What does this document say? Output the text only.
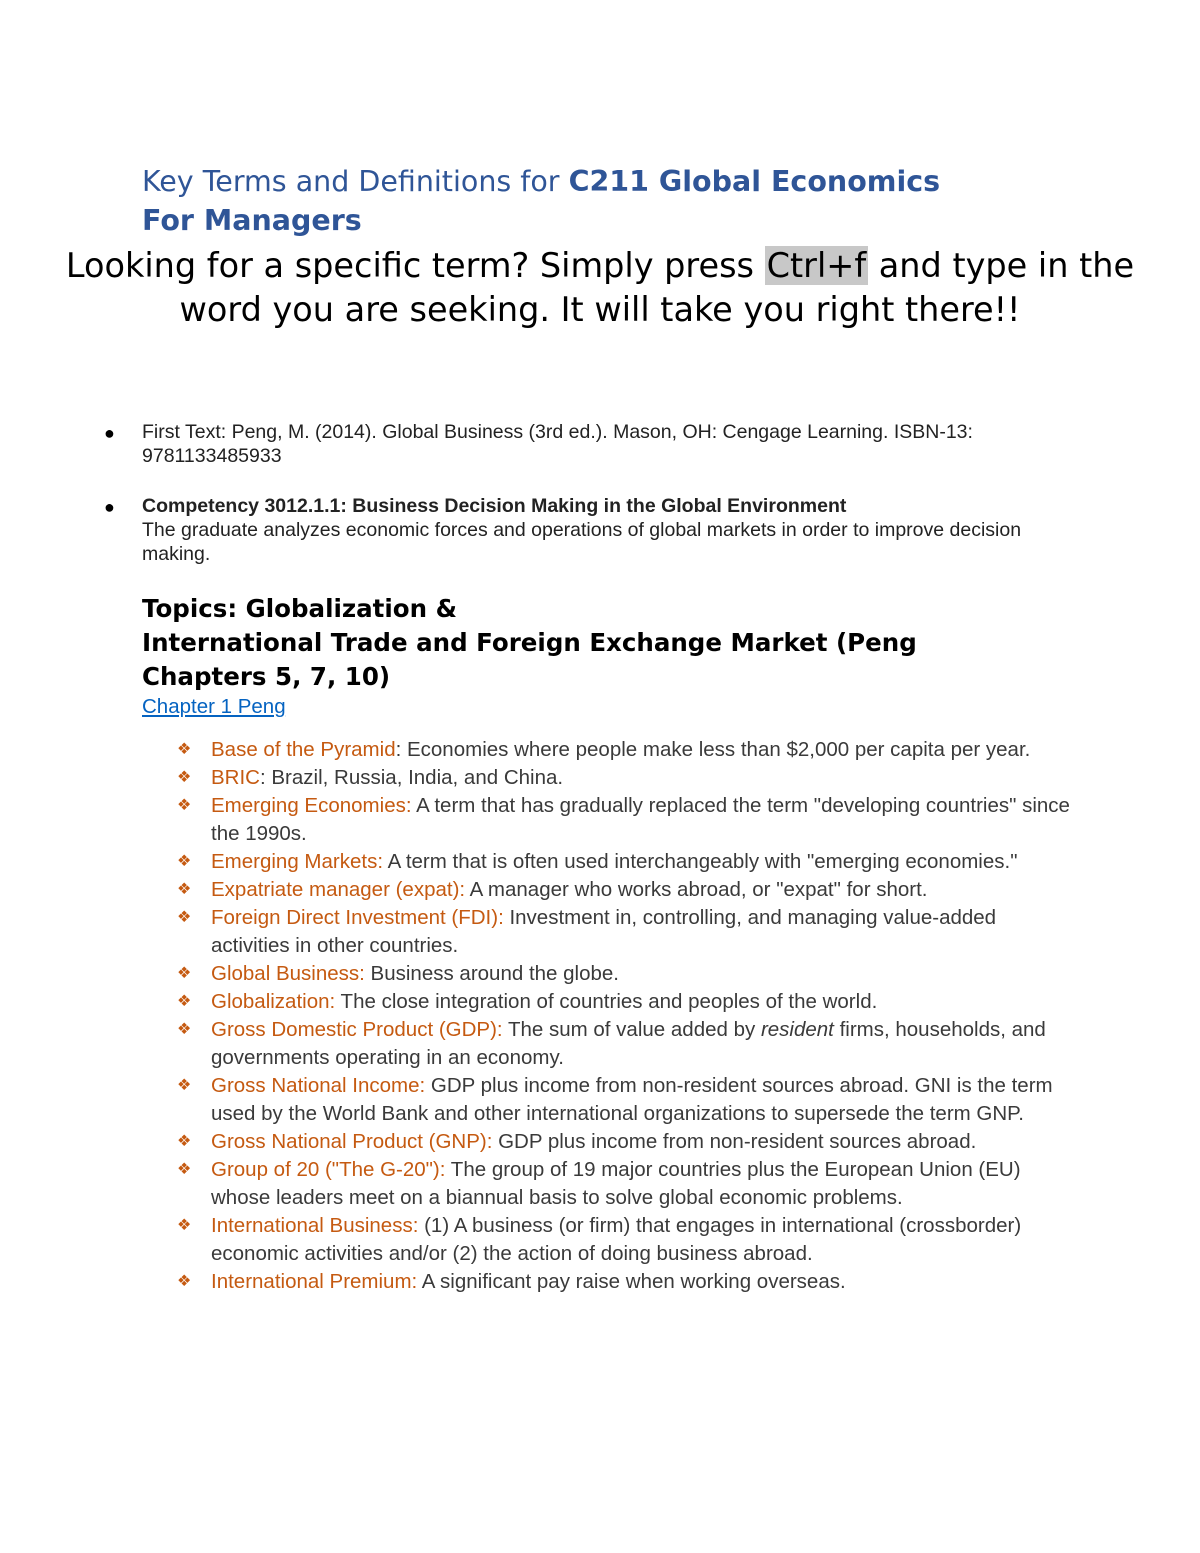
Key Terms and Definitions for C211 Global Economics
For Managers
Looking for a specific term? Simply press Ctrl+f and type in the word you are seeking. It will take you right there!!
● First Text: Peng, M. (2014). Global Business (3rd ed.). Mason, OH: Cengage Learning. ISBN-13: 9781133485933
● Competency 3012.1.1: Business Decision Making in the Global Environment
The graduate analyzes economic forces and operations of global markets in order to improve decision making.
Topics: Globalization &
International Trade and Foreign Exchange Market (Peng Chapters 5, 7, 10)
Chapter 1 Peng
❖ Base of the Pyramid: Economies where people make less than $2,000 per capita per year.
❖ BRIC: Brazil, Russia, India, and China.
❖ Emerging Economies: A term that has gradually replaced the term "developing countries" since the 1990s.
❖ Emerging Markets: A term that is often used interchangeably with "emerging economies."
❖ Expatriate manager (expat): A manager who works abroad, or "expat" for short.
❖ Foreign Direct Investment (FDI): Investment in, controlling, and managing value-added activities in other countries.
❖ Global Business: Business around the globe.
❖ Globalization: The close integration of countries and peoples of the world.
❖ Gross Domestic Product (GDP): The sum of value added by resident firms, households, and governments operating in an economy.
❖ Gross National Income: GDP plus income from non-resident sources abroad. GNI is the term used by the World Bank and other international organizations to supersede the term GNP.
❖ Gross National Product (GNP): GDP plus income from non-resident sources abroad.
❖ Group of 20 ("The G-20"): The group of 19 major countries plus the European Union (EU) whose leaders meet on a biannual basis to solve global economic problems.
❖ International Business: (1) A business (or firm) that engages in international (crossborder) economic activities and/or (2) the action of doing business abroad.
❖ International Premium: A significant pay raise when working overseas.
